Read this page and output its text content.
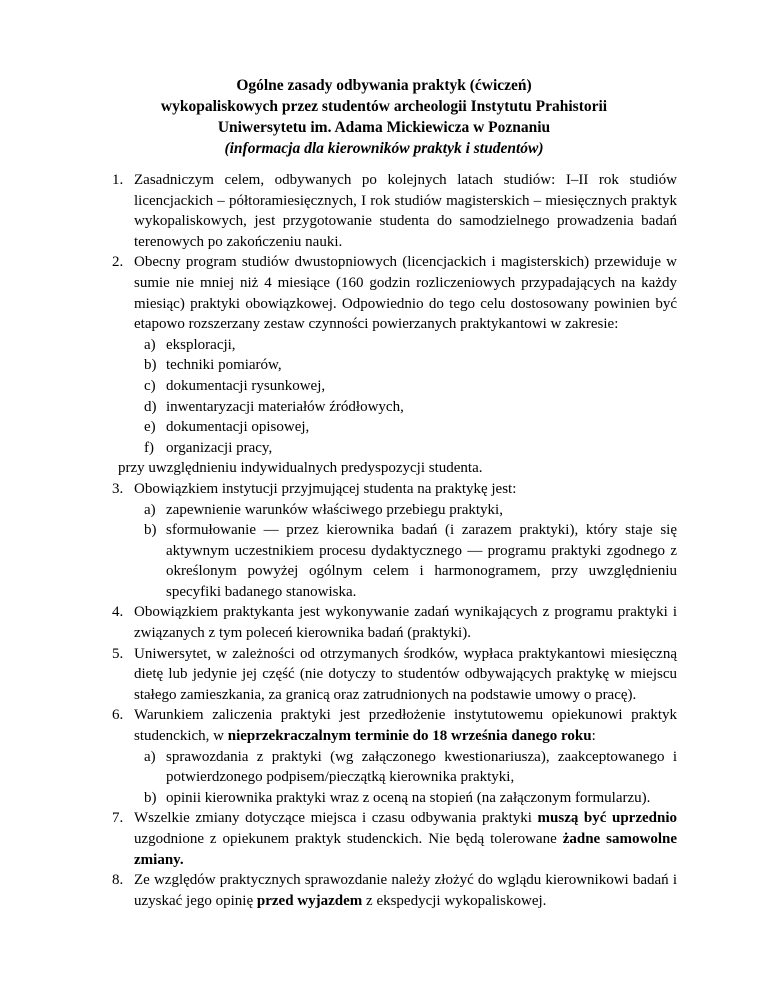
Ogólne zasady odbywania praktyk (ćwiczeń)
wykopaliskowych przez studentów archeologii Instytutu Prahistorii
Uniwersytetu im. Adama Mickiewicza w Poznaniu
(informacja dla kierowników praktyk i studentów)
1. Zasadniczym celem, odbywanych po kolejnych latach studiów: I–II rok studiów licencjackich – półtoramiesięcznych, I rok studiów magisterskich – miesięcznych praktyk wykopaliskowych, jest przygotowanie studenta do samodzielnego prowadzenia badań terenowych po zakończeniu nauki.
2. Obecny program studiów dwustopniowych (licencjackich i magisterskich) przewiduje w sumie nie mniej niż 4 miesiące (160 godzin rozliczeniowych przypadających na każdy miesiąc) praktyki obowiązkowej. Odpowiednio do tego celu dostosowany powinien być etapowo rozszerzany zestaw czynności powierzanych praktykantowi w zakresie:
a) eksploracji,
b) techniki pomiarów,
c) dokumentacji rysunkowej,
d) inwentaryzacji materiałów źródłowych,
e) dokumentacji opisowej,
f) organizacji pracy,
przy uwzględnieniu indywidualnych predyspozycji studenta.
3. Obowiązkiem instytucji przyjmującej studenta na praktykę jest:
a) zapewnienie warunków właściwego przebiegu praktyki,
b) sformułowanie — przez kierownika badań (i zarazem praktyki), który staje się aktywnym uczestnikiem procesu dydaktycznego — programu praktyki zgodnego z określonym powyżej ogólnym celem i harmonogramem, przy uwzględnieniu specyfiki badanego stanowiska.
4. Obowiązkiem praktykanta jest wykonywanie zadań wynikających z programu praktyki i związanych z tym poleceń kierownika badań (praktyki).
5. Uniwersytet, w zależności od otrzymanych środków, wypłaca praktykantowi miesięczną dietę lub jedynie jej część (nie dotyczy to studentów odbywających praktykę w miejscu stałego zamieszkania, za granicą oraz zatrudnionych na podstawie umowy o pracę).
6. Warunkiem zaliczenia praktyki jest przedłożenie instytutowemu opiekunowi praktyk studenckich, w nieprzekraczalnym terminie do 18 września danego roku:
a) sprawozdania z praktyki (wg załączonego kwestionariusza), zaakceptowanego i potwierdzonego podpisem/pieczątką kierownika praktyki,
b) opinii kierownika praktyki wraz z oceną na stopień (na załączonym formularzu).
7. Wszelkie zmiany dotyczące miejsca i czasu odbywania praktyki muszą być uprzednio uzgodnione z opiekunem praktyk studenckich. Nie będą tolerowane żadne samowolne zmiany.
8. Ze względów praktycznych sprawozdanie należy złożyć do wglądu kierownikowi badań i uzyskać jego opinię przed wyjazdem z ekspedycji wykopaliskowej.
